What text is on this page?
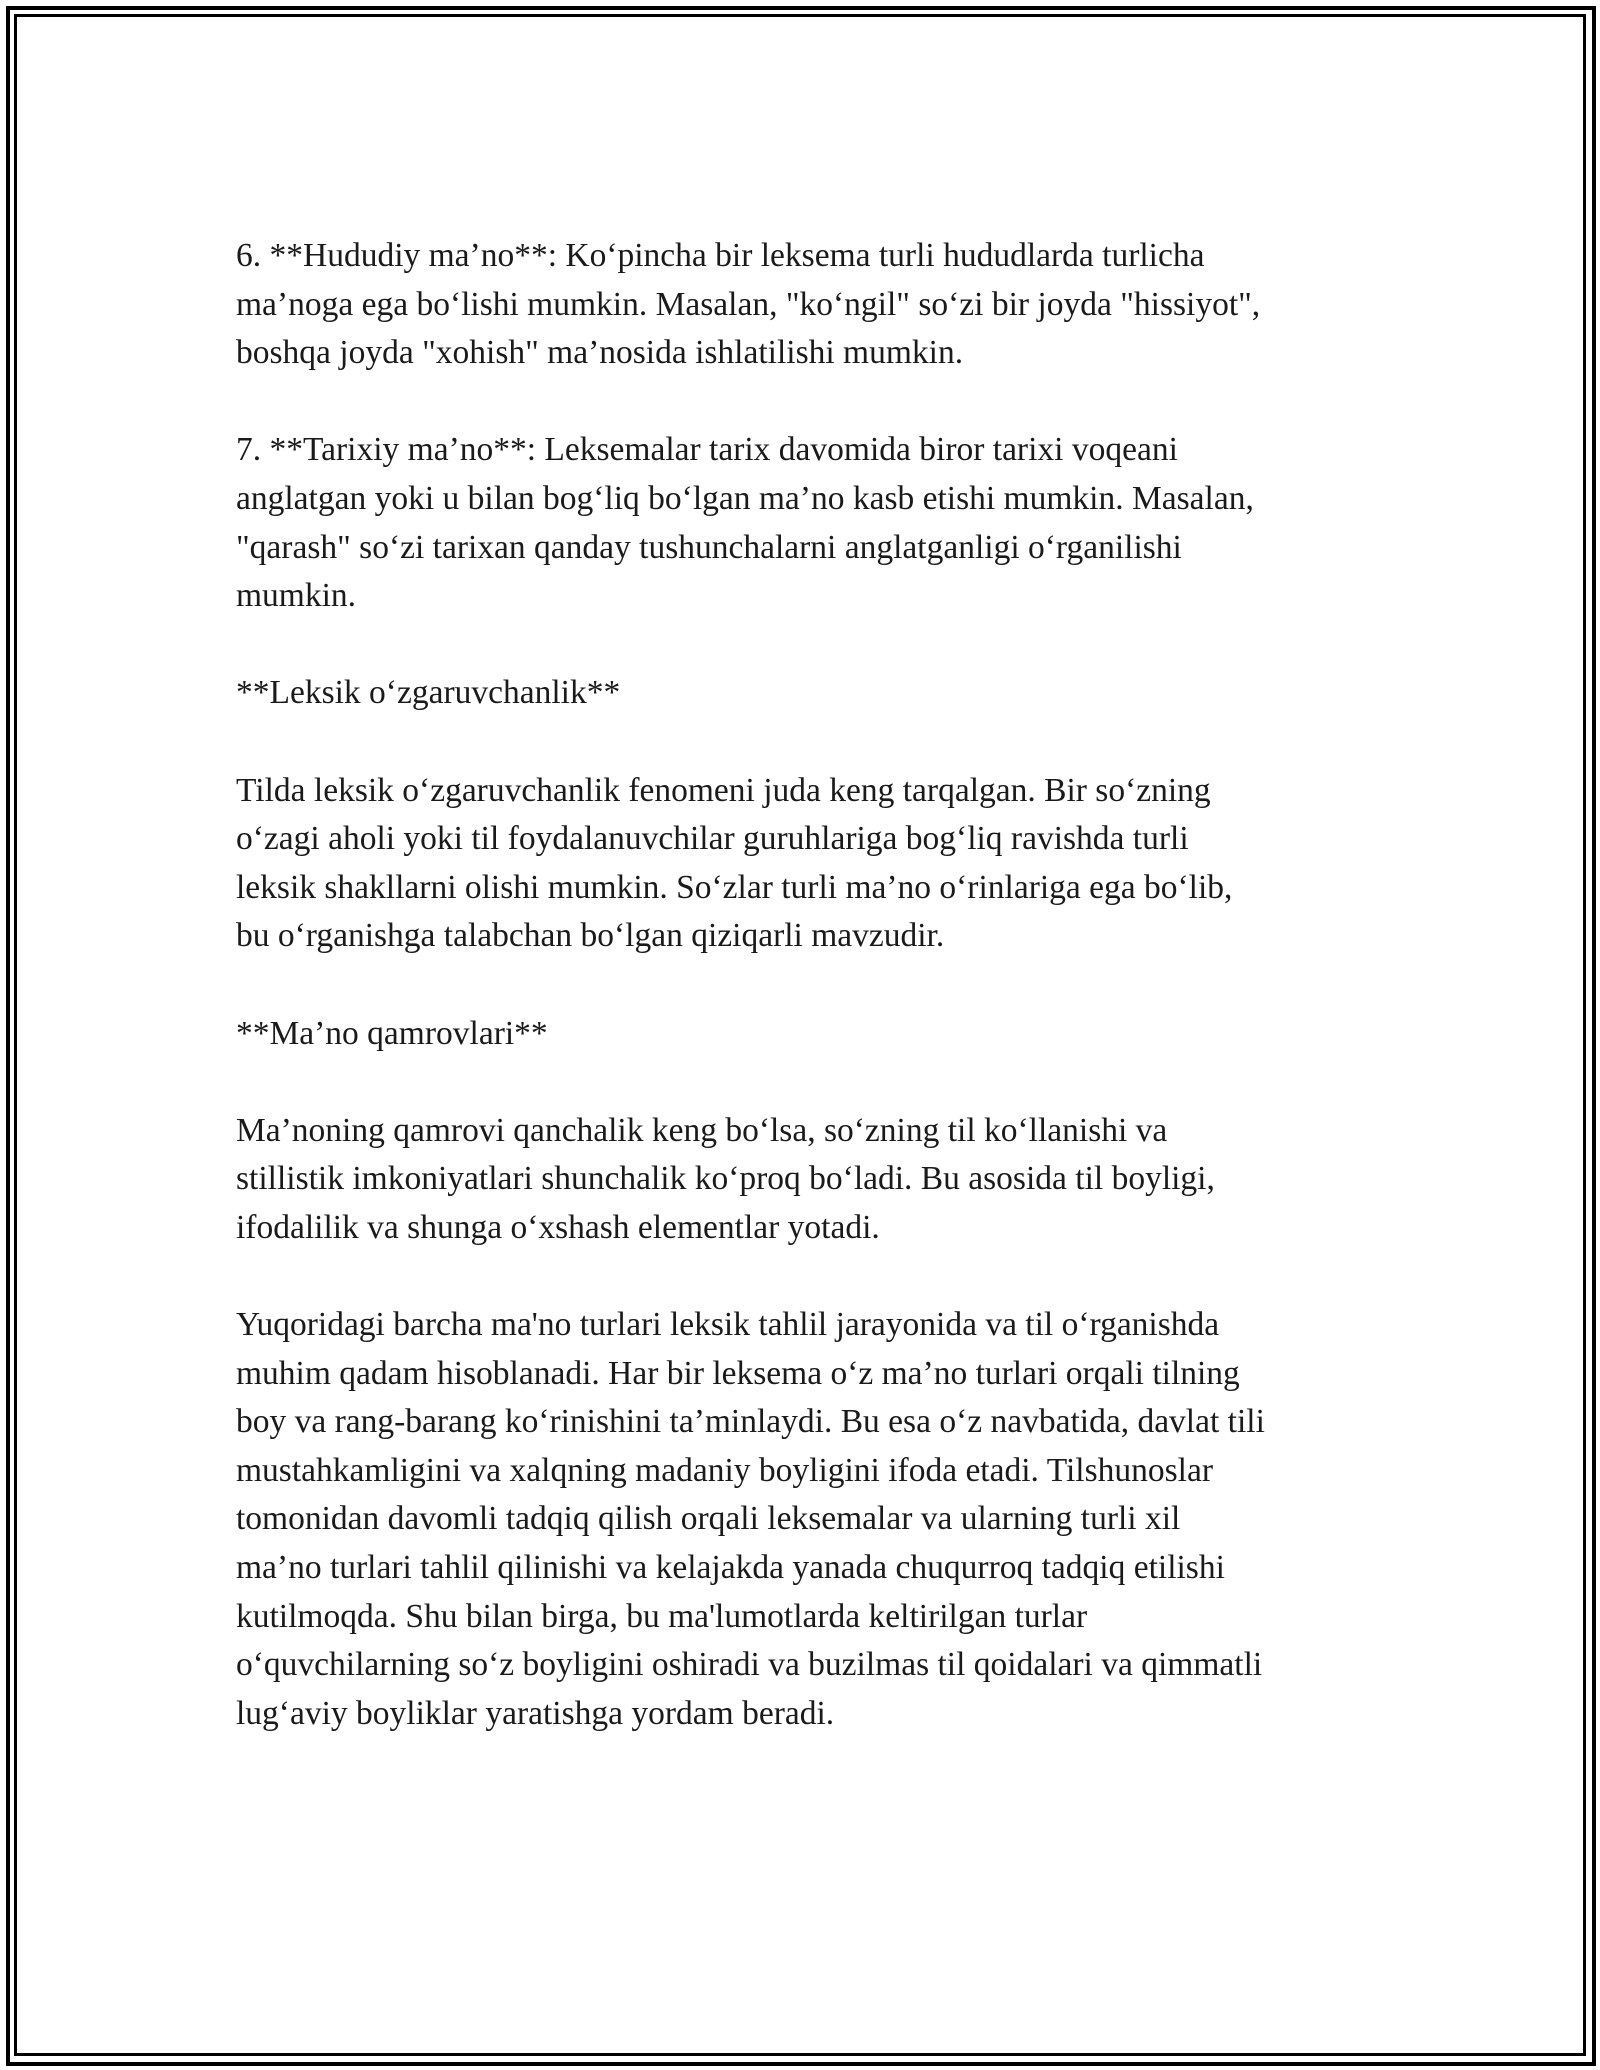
6. **Hududiy ma’no**: Koʻpincha bir leksema turli hududlarda turlicha
ma’noga ega boʻlishi mumkin. Masalan, "koʻngil" soʻzi bir joyda "hissiyot",
boshqa joyda "xohish" ma’nosida ishlatilishi mumkin.

7. **Tarixiy ma’no**: Leksemalar tarix davomida biror tarixi voqeani
anglatgan yoki u bilan bogʻliq boʻlgan ma’no kasb etishi mumkin. Masalan,
"qarash" soʻzi tarixan qanday tushunchalarni anglatganligi oʻrganilishi
mumkin.

**Leksik oʻzgaruvchanlik**

Tilda leksik oʻzgaruvchanlik fenomeni juda keng tarqalgan. Bir soʻzning
oʻzagi aholi yoki til foydalanuvchilar guruhlariga bogʻliq ravishda turli
leksik shakllarni olishi mumkin. Soʻzlar turli ma’no oʻrinlariga ega boʻlib,
bu oʻrganishga talabchan boʻlgan qiziqarli mavzudir.

**Ma’no qamrovlari**

Ma’noning qamrovi qanchalik keng boʻlsa, soʻzning til koʻllanishi va
stillistik imkoniyatlari shunchalik koʻproq boʻladi. Bu asosida til boyligi,
ifodalilik va shunga oʻxshash elementlar yotadi.

Yuqoridagi barcha ma'no turlari leksik tahlil jarayonida va til oʻrganishda
muhim qadam hisoblanadi. Har bir leksema oʻz ma’no turlari orqali tilning
boy va rang-barang koʻrinishini ta’minlaydi. Bu esa oʻz navbatida, davlat tili
mustahkamligini va xalqning madaniy boyligini ifoda etadi. Tilshunoslar
tomonidan davomli tadqiq qilish orqali leksemalar va ularning turli xil
ma’no turlari tahlil qilinishi va kelajakda yanada chuqurroq tadqiq etilishi
kutilmoqda. Shu bilan birga, bu ma'lumotlarda keltirilgan turlar
oʻquvchilarning soʻz boyligini oshiradi va buzilmas til qoidalari va qimmatli
lugʻaviy boyliklar yaratishga yordam beradi.
